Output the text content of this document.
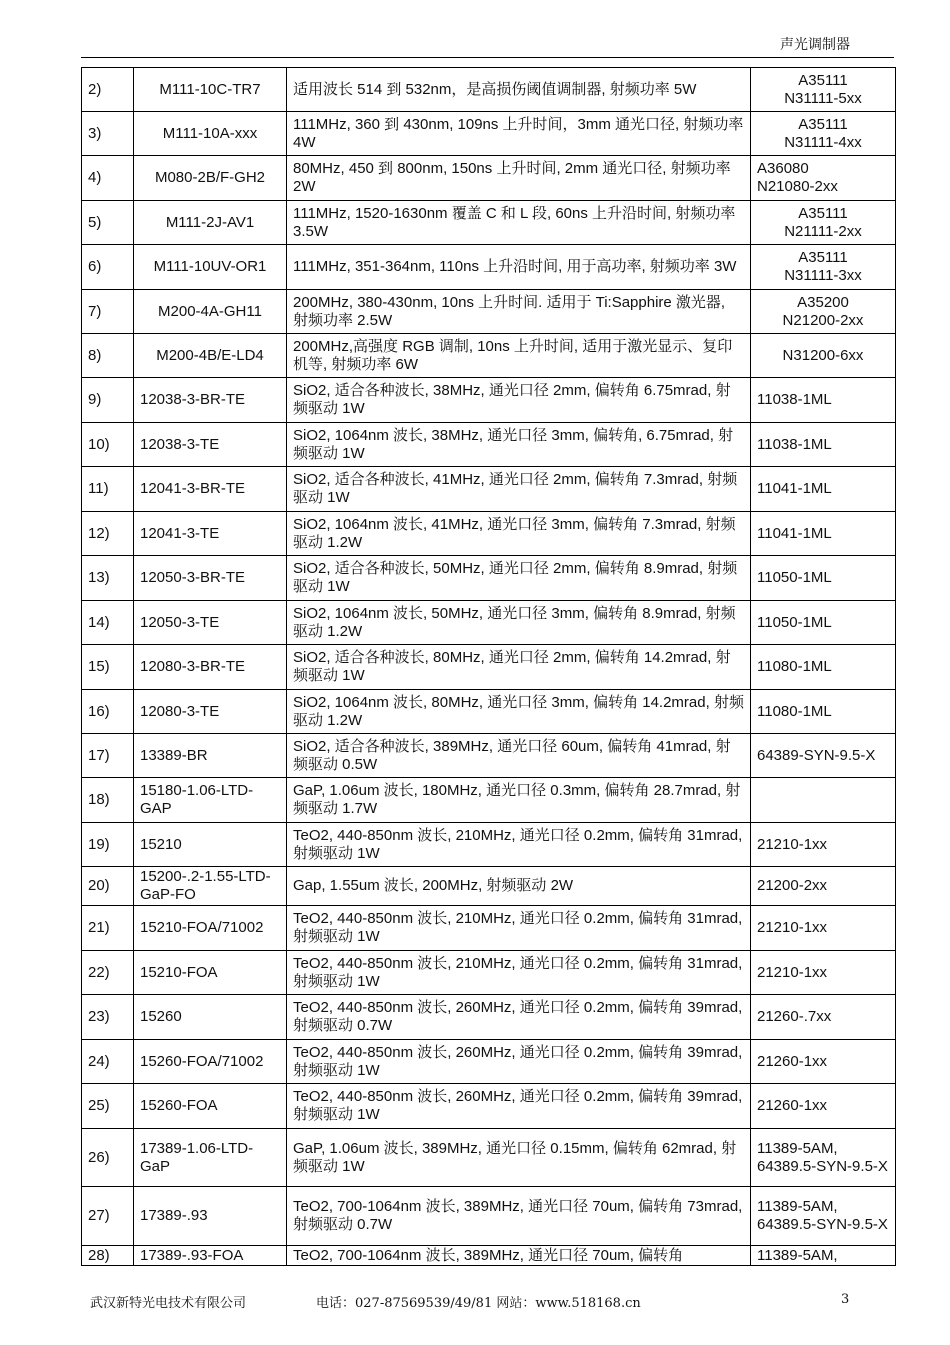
声光调制器
2)	M111-10C-TR7	适用波长 514 到 532nm，是高损伤阈值调制器, 射频功率 5W	A35111
N31111-5xx
3)	M111-10A-xxx	111MHz, 360 到 430nm, 109ns 上升时间，3mm 通光口径, 射频功率 4W	A35111
N31111-4xx
4)	M080-2B/F-GH2	80MHz, 450 到 800nm, 150ns 上升时间, 2mm 通光口径, 射频功率 2W	A36080
N21080-2xx
5)	M111-2J-AV1	111MHz, 1520-1630nm 覆盖 C 和 L 段, 60ns 上升沿时间, 射频功率 3.5W	A35111
N21111-2xx
6)	M111-10UV-OR1	111MHz, 351-364nm, 110ns 上升沿时间, 用于高功率, 射频功率 3W	A35111
N31111-3xx
7)	M200-4A-GH11	200MHz, 380-430nm, 10ns 上升时间. 适用于 Ti:Sapphire 激光器, 射频功率 2.5W	A35200
N21200-2xx
8)	M200-4B/E-LD4	200MHz,高强度 RGB 调制, 10ns 上升时间, 适用于激光显示、复印机等, 射频功率 6W	N31200-6xx
9)	12038-3-BR-TE	SiO2, 适合各种波长, 38MHz, 通光口径 2mm, 偏转角 6.75mrad, 射频驱动 1W	11038-1ML
10)	12038-3-TE	SiO2, 1064nm 波长, 38MHz, 通光口径 3mm, 偏转角, 6.75mrad, 射频驱动 1W	11038-1ML
11)	12041-3-BR-TE	SiO2, 适合各种波长, 41MHz, 通光口径 2mm, 偏转角 7.3mrad, 射频驱动 1W	11041-1ML
12)	12041-3-TE	SiO2, 1064nm 波长, 41MHz, 通光口径 3mm, 偏转角 7.3mrad, 射频驱动 1.2W	11041-1ML
13)	12050-3-BR-TE	SiO2, 适合各种波长, 50MHz, 通光口径 2mm, 偏转角 8.9mrad, 射频驱动 1W	11050-1ML
14)	12050-3-TE	SiO2, 1064nm 波长, 50MHz, 通光口径 3mm, 偏转角 8.9mrad, 射频驱动 1.2W	11050-1ML
15)	12080-3-BR-TE	SiO2, 适合各种波长, 80MHz, 通光口径 2mm, 偏转角 14.2mrad, 射频驱动 1W	11080-1ML
16)	12080-3-TE	SiO2, 1064nm 波长, 80MHz, 通光口径 3mm, 偏转角 14.2mrad, 射频驱动 1.2W	11080-1ML
17)	13389-BR	SiO2, 适合各种波长, 389MHz, 通光口径 60um, 偏转角 41mrad, 射频驱动 0.5W	64389-SYN-9.5-X
18)	15180-1.06-LTD-GAP	GaP, 1.06um 波长, 180MHz, 通光口径 0.3mm, 偏转角 28.7mrad, 射频驱动 1.7W	
19)	15210	TeO2, 440-850nm 波长, 210MHz, 通光口径 0.2mm, 偏转角 31mrad, 射频驱动 1W	21210-1xx
20)	15200-.2-1.55-LTD-GaP-FO	Gap, 1.55um 波长, 200MHz, 射频驱动 2W	21200-2xx
21)	15210-FOA/71002	TeO2, 440-850nm 波长, 210MHz, 通光口径 0.2mm, 偏转角 31mrad, 射频驱动 1W	21210-1xx
22)	15210-FOA	TeO2, 440-850nm 波长, 210MHz, 通光口径 0.2mm, 偏转角 31mrad, 射频驱动 1W	21210-1xx
23)	15260	TeO2, 440-850nm 波长, 260MHz, 通光口径 0.2mm, 偏转角 39mrad, 射频驱动 0.7W	21260-.7xx
24)	15260-FOA/71002	TeO2, 440-850nm 波长, 260MHz, 通光口径 0.2mm, 偏转角 39mrad, 射频驱动 1W	21260-1xx
25)	15260-FOA	TeO2, 440-850nm 波长, 260MHz, 通光口径 0.2mm, 偏转角 39mrad, 射频驱动 1W	21260-1xx
26)	17389-1.06-LTD-GaP	GaP, 1.06um 波长, 389MHz, 通光口径 0.15mm, 偏转角 62mrad, 射频驱动 1W	11389-5AM,
64389.5-SYN-9.5-X
27)	17389-.93	TeO2, 700-1064nm 波长, 389MHz, 通光口径 70um, 偏转角 73mrad, 射频驱动 0.7W	11389-5AM,
64389.5-SYN-9.5-X
28)	17389-.93-FOA	TeO2, 700-1064nm 波长, 389MHz, 通光口径 70um, 偏转角	11389-5AM,
武汉新特光电技术有限公司	电话：027-87569539/49/81 网站：www.518168.cn	3
